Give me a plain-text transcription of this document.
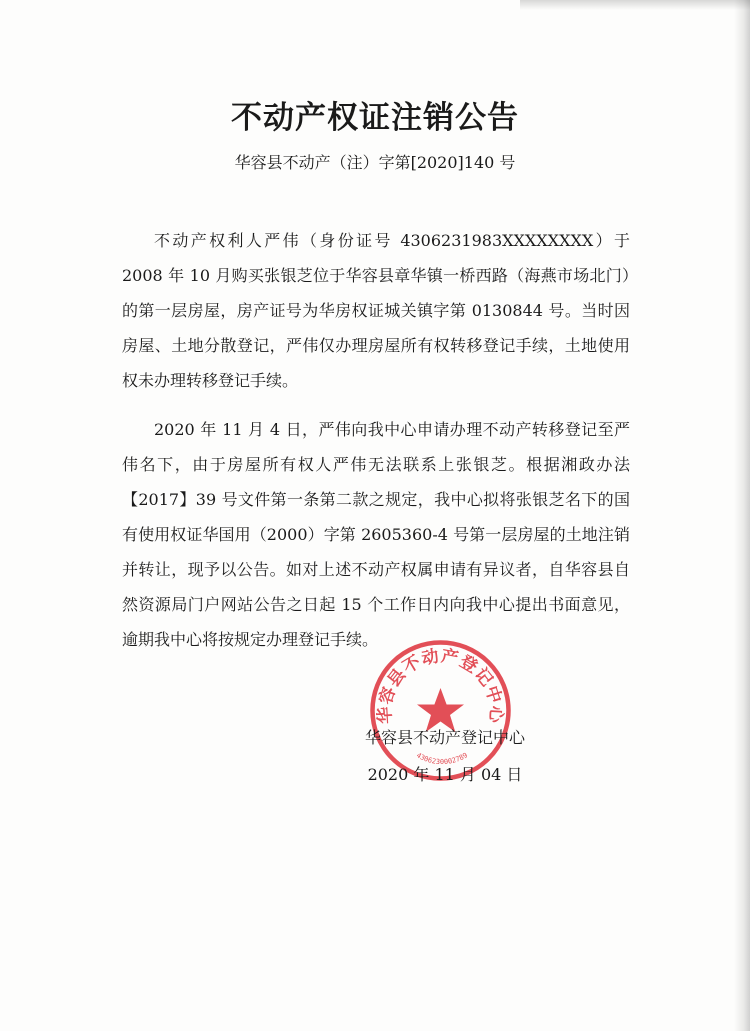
不动产权证注销公告

华容县不动产（注）字第[2020]140 号

不动产权利人严伟（身份证号 4306231983XXXXXXXX）于 2008 年 10 月购买张银芝位于华容县章华镇一桥西路（海燕市场北门）的第一层房屋，房产证号为华房权证城关镇字第 0130844 号。当时因房屋、土地分散登记，严伟仅办理房屋所有权转移登记手续，土地使用权未办理转移登记手续。

2020 年 11 月 4 日，严伟向我中心申请办理不动产转移登记至严伟名下，由于房屋所有权人严伟无法联系上张银芝。根据湘政办法【2017】39 号文件第一条第二款之规定，我中心拟将张银芝名下的国有使用权证华国用（2000）字第 2605360-4 号第一层房屋的土地注销并转让，现予以公告。如对上述不动产权属申请有异议者，自华容县自然资源局门户网站公告之日起 15 个工作日内向我中心提出书面意见，逾期我中心将按规定办理登记手续。

华容县不动产登记中心
4306230002789

华容县不动产登记中心

2020 年 11 月 04 日
